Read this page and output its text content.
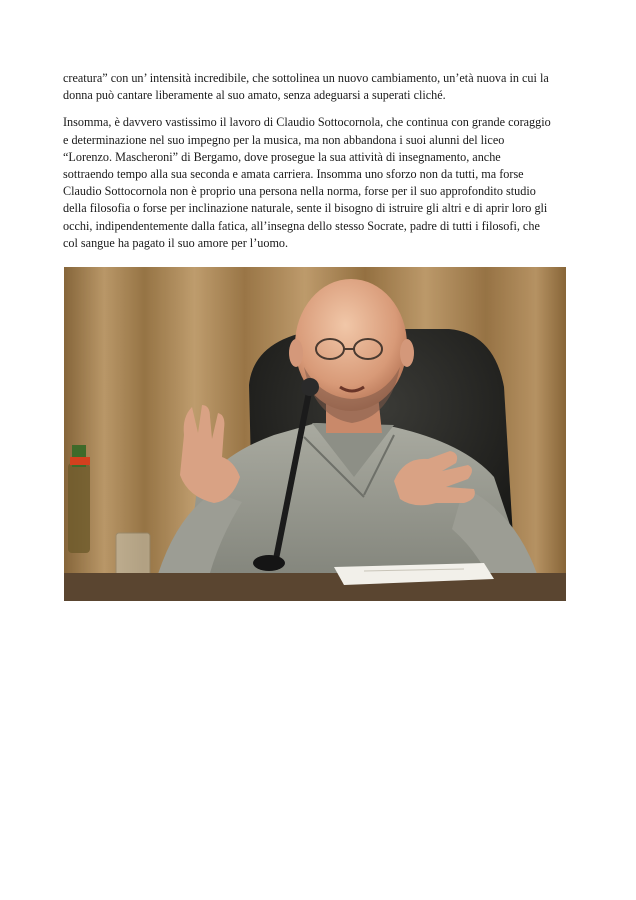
creatura” con un’ intensità incredibile, che sottolinea un nuovo cambiamento, un’età nuova in cui la
donna può cantare liberamente al suo amato, senza adeguarsi a superati cliché.

Insomma, è davvero vastissimo il lavoro di Claudio Sottocornola, che continua con grande coraggio
e determinazione nel suo impegno per la musica, ma non abbandona i suoi alunni del liceo
“Lorenzo. Mascheroni” di Bergamo, dove prosegue la sua attività di insegnamento, anche
sottraendo tempo alla sua seconda e amata carriera. Insomma uno sforzo non da tutti, ma forse
Claudio Sottocornola non è proprio una persona nella norma, forse per il suo approfondito studio
della filosofia o forse per inclinazione naturale, sente il bisogno di istruire gli altri e di aprir loro gli
occhi, indipendentemente dalla fatica, all’insegna dello stesso Socrate, padre di tutti i filosofi, che
col sangue ha pagato il suo amore per l’uomo.
